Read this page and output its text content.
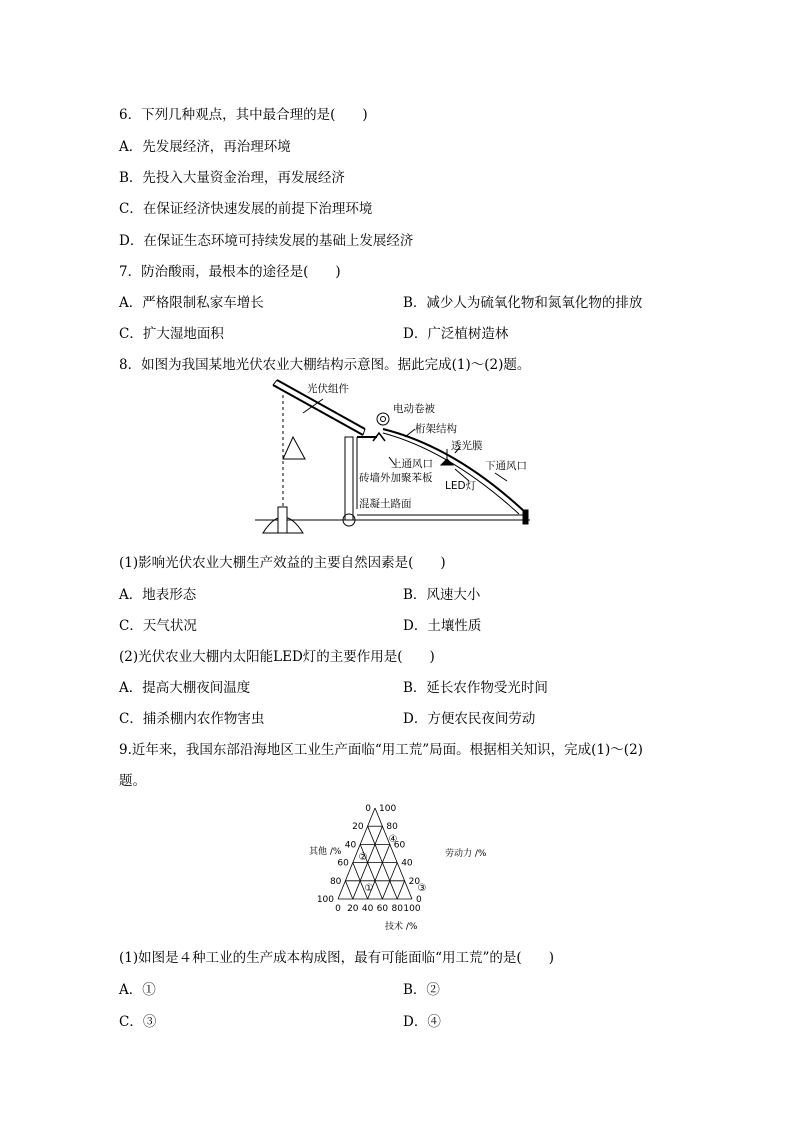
6．下列几种观点，其中最合理的是(　　)
A．先发展经济，再治理环境
B．先投入大量资金治理，再发展经济
C．在保证经济快速发展的前提下治理环境
D．在保证生态环境可持续发展的基础上发展经济
7．防治酸雨，最根本的途径是(　　)
A．严格限制私家车增长	B．减少人为硫氧化物和氮氧化物的排放
C．扩大湿地面积	D．广泛植树造林
8．如图为我国某地光伏农业大棚结构示意图。据此完成(1)～(2)题。
光伏组件
电动卷被
桁架结构
透光膜
上通风口	下通风口
砖墙外加聚苯板
LED灯
混凝土路面
(1)影响光伏农业大棚生产效益的主要自然因素是(　　)
A．地表形态	B．风速大小
C．天气状况	D．土壤性质
(2)光伏农业大棚内太阳能LED灯的主要作用是(　　)
A．提高大棚夜间温度	B．延长农作物受光时间
C．捕杀棚内农作物害虫	D．方便农民夜间劳动
9.近年来，我国东部沿海地区工业生产面临“用工荒”局面。根据相关知识，完成(1)～(2)
题。
其他 /%	劳动力 /%
技术 /%
0
20
40
60
80
100
100
80
60
40
20
0
0 20 40 60 80 100
①
②
③
④
(1)如图是４种工业的生产成本构成图，最有可能面临“用工荒”的是(　　)
A．①	B．②
C．③	D．④
